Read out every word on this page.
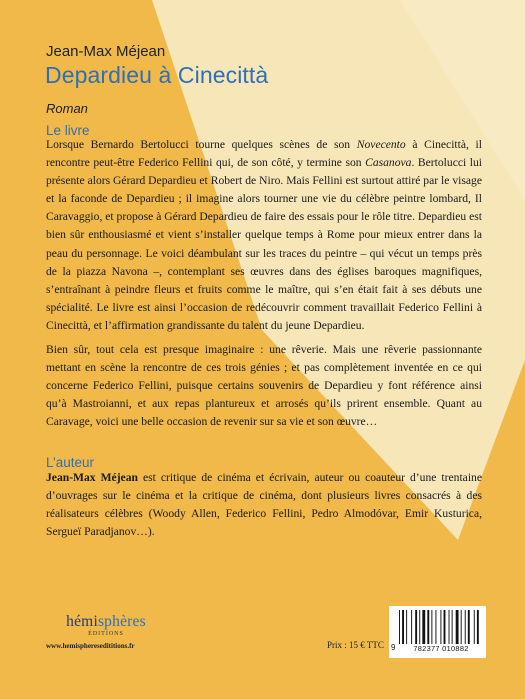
Jean-Max Méjean

Depardieu à Cinecittà

Roman

Le livre

Lorsque Bernardo Bertolucci tourne quelques scènes de son Novecento à Cinecittà, il rencontre peut-être Federico Fellini qui, de son côté, y termine son Casanova. Bertolucci lui présente alors Gérard Depardieu et Robert de Niro. Mais Fellini est surtout attiré par le visage et la faconde de Depardieu ; il imagine alors tourner une vie du célèbre peintre lombard, Il Caravaggio, et propose à Gérard Depardieu de faire des essais pour le rôle titre. Depardieu est bien sûr enthousiasmé et vient s’installer quelque temps à Rome pour mieux entrer dans la peau du personnage. Le voici déambulant sur les traces du peintre – qui vécut un temps près de la piazza Navona –, contemplant ses œuvres dans des églises baroques magnifiques, s’entraînant à peindre fleurs et fruits comme le maître, qui s’en était fait à ses débuts une spécialité. Le livre est ainsi l’occasion de redécouvrir comment travaillait Federico Fellini à Cinecittà, et l’affirmation grandissante du talent du jeune Depardieu.

Bien sûr, tout cela est presque imaginaire : une rêverie. Mais une rêverie passionnante mettant en scène la rencontre de ces trois génies ; et pas complètement inventée en ce qui concerne Federico Fellini, puisque certains souvenirs de Depardieu y font référence ainsi qu’à Mastroianni, et aux repas plantureux et arrosés qu’ils prirent ensemble. Quant au Caravage, voici une belle occasion de revenir sur sa vie et son œuvre…

L’auteur

Jean-Max Méjean est critique de cinéma et écrivain, auteur ou coauteur d’une trentaine d’ouvrages sur le cinéma et la critique de cinéma, dont plusieurs livres consacrés à des réalisateurs célèbres (Woody Allen, Federico Fellini, Pedro Almodóvar, Emir Kusturica, Sergueï Paradjanov…).

hémisphères
ÉDITIONS
www.hemispheresedititions.fr	Prix : 15 € TTC 9	782377 010882
